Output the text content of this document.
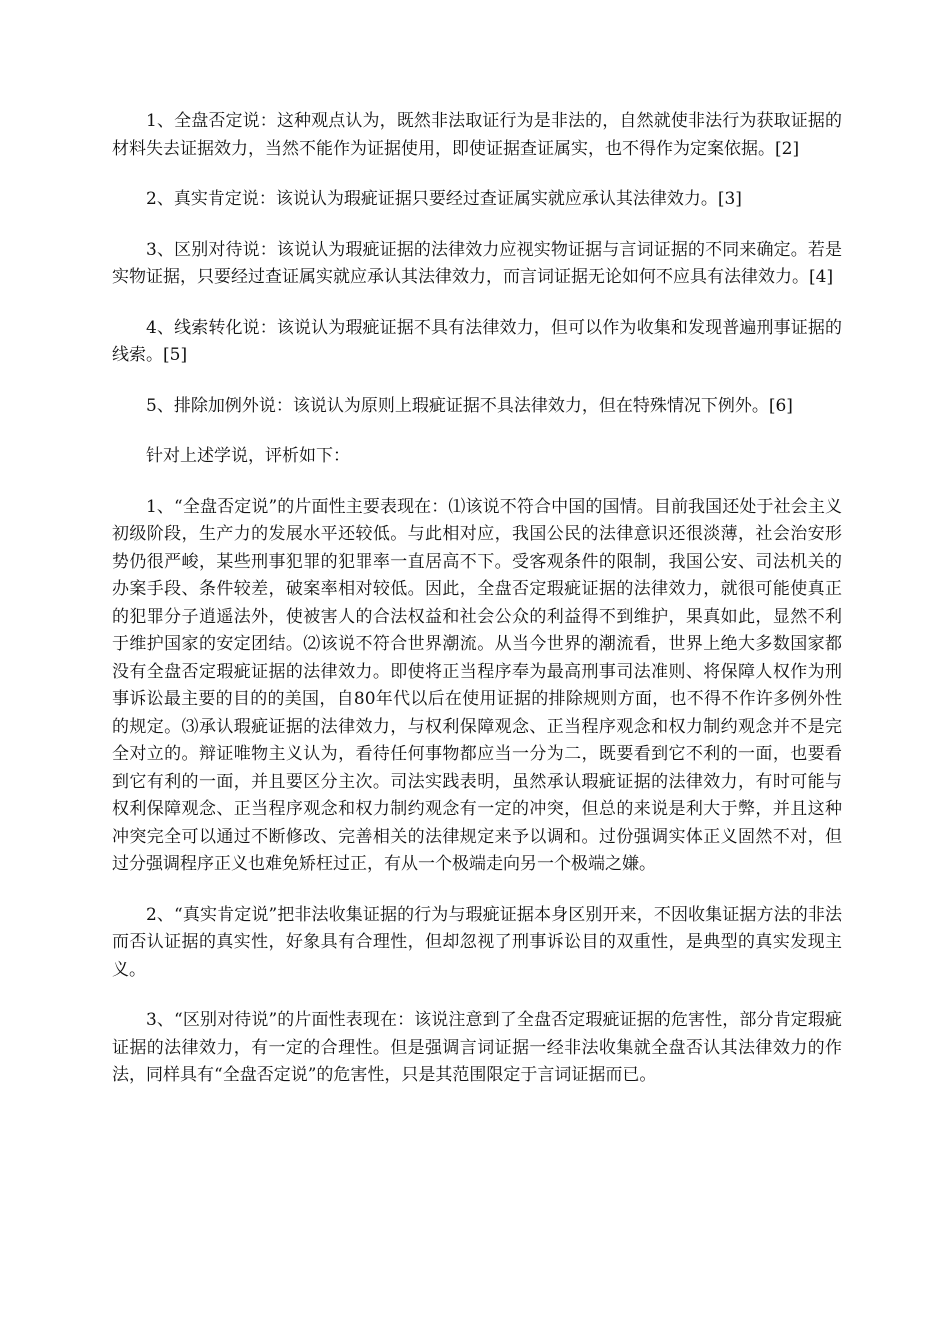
1、全盘否定说：这种观点认为，既然非法取证行为是非法的，自然就使非法行为获取证据的材料失去证据效力，当然不能作为证据使用，即使证据查证属实，也不得作为定案依据。[2]

2、真实肯定说：该说认为瑕疵证据只要经过查证属实就应承认其法律效力。[3]

3、区别对待说：该说认为瑕疵证据的法律效力应视实物证据与言词证据的不同来确定。若是实物证据，只要经过查证属实就应承认其法律效力，而言词证据无论如何不应具有法律效力。[4]

4、线索转化说：该说认为瑕疵证据不具有法律效力，但可以作为收集和发现普遍刑事证据的线索。[5]

5、排除加例外说：该说认为原则上瑕疵证据不具法律效力，但在特殊情况下例外。[6]

针对上述学说，评析如下：

1、“全盘否定说”的片面性主要表现在：⑴该说不符合中国的国情。目前我国还处于社会主义初级阶段，生产力的发展水平还较低。与此相对应，我国公民的法律意识还很淡薄，社会治安形势仍很严峻，某些刑事犯罪的犯罪率一直居高不下。受客观条件的限制，我国公安、司法机关的办案手段、条件较差，破案率相对较低。因此，全盘否定瑕疵证据的法律效力，就很可能使真正的犯罪分子逍遥法外，使被害人的合法权益和社会公众的利益得不到维护，果真如此，显然不利于维护国家的安定团结。⑵该说不符合世界潮流。从当今世界的潮流看，世界上绝大多数国家都没有全盘否定瑕疵证据的法律效力。即使将正当程序奉为最高刑事司法准则、将保障人权作为刑事诉讼最主要的目的的美国，自80年代以后在使用证据的排除规则方面，也不得不作许多例外性的规定。⑶承认瑕疵证据的法律效力，与权利保障观念、正当程序观念和权力制约观念并不是完全对立的。辩证唯物主义认为，看待任何事物都应当一分为二，既要看到它不利的一面，也要看到它有利的一面，并且要区分主次。司法实践表明，虽然承认瑕疵证据的法律效力，有时可能与权利保障观念、正当程序观念和权力制约观念有一定的冲突，但总的来说是利大于弊，并且这种冲突完全可以通过不断修改、完善相关的法律规定来予以调和。过份强调实体正义固然不对，但过分强调程序正义也难免矫枉过正，有从一个极端走向另一个极端之嫌。

2、“真实肯定说”把非法收集证据的行为与瑕疵证据本身区别开来，不因收集证据方法的非法而否认证据的真实性，好象具有合理性，但却忽视了刑事诉讼目的双重性，是典型的真实发现主义。

3、“区别对待说”的片面性表现在：该说注意到了全盘否定瑕疵证据的危害性，部分肯定瑕疵证据的法律效力，有一定的合理性。但是强调言词证据一经非法收集就全盘否认其法律效力的作法，同样具有“全盘否定说”的危害性，只是其范围限定于言词证据而已。
